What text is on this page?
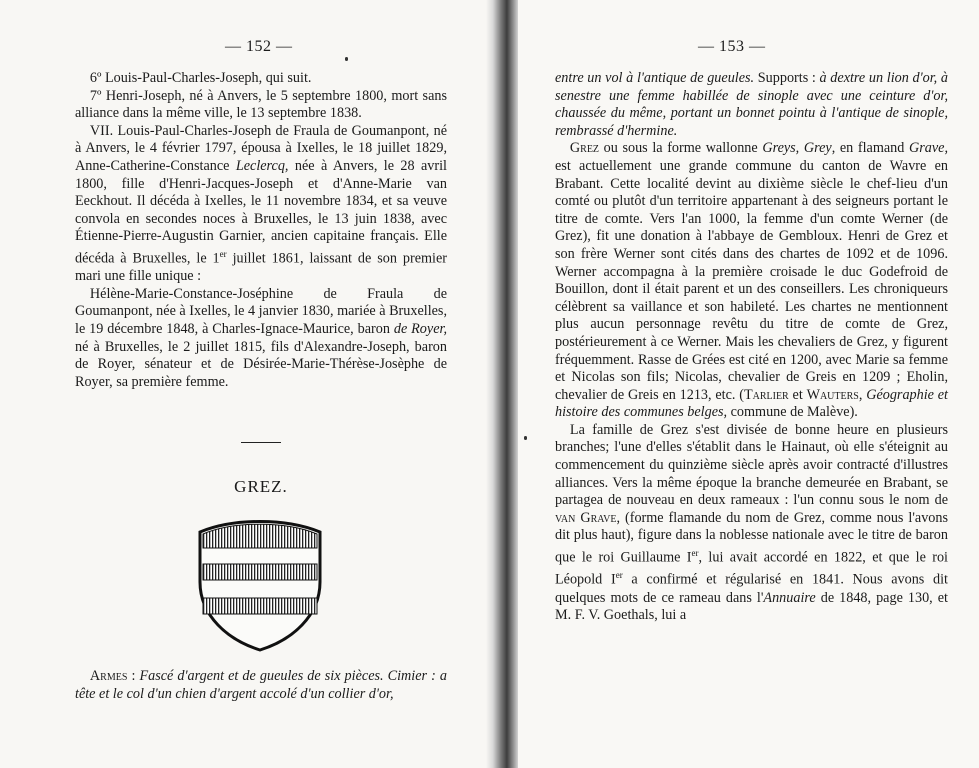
— 152 —

6º Louis-Paul-Charles-Joseph, qui suit.

7º Henri-Joseph, né à Anvers, le 5 septembre 1800, mort sans alliance dans la même ville, le 13 septembre 1838.

VII. Louis-Paul-Charles-Joseph de Fraula de Goumanpont, né à Anvers, le 4 février 1797, épousa à Ixelles, le 18 juillet 1829, Anne-Catherine-Constance Leclercq, née à Anvers, le 28 avril 1800, fille d'Henri-Jacques-Joseph et d'Anne-Marie van Eeckhout. Il décéda à Ixelles, le 11 novembre 1834, et sa veuve convola en secondes noces à Bruxelles, le 13 juin 1838, avec Étienne-Pierre-Augustin Garnier, ancien capitaine français. Elle décéda à Bruxelles, le 1er juillet 1861, laissant de son premier mari une fille unique :

Hélène-Marie-Constance-Joséphine de Fraula de Goumanpont, née à Ixelles, le 4 janvier 1830, mariée à Bruxelles, le 19 décembre 1848, à Charles-Ignace-Maurice, baron de Royer, né à Bruxelles, le 2 juillet 1815, fils d'Alexandre-Joseph, baron de Royer, sénateur et de Désirée-Marie-Thérèse-Josèphe de Royer, sa première femme.

GREZ.

Armes : Fascé d'argent et de gueules de six pièces. Cimier : a tête et le col d'un chien d'argent accolé d'un collier d'or,

— 153 —

entre un vol à l'antique de gueules. Supports : à dextre un lion d'or, à senestre une femme habillée de sinople avec une ceinture d'or, chaussée du même, portant un bonnet pointu à l'antique de sinople, rembrassé d'hermine.

Grez ou sous la forme wallonne Greys, Grey, en flamand Grave, est actuellement une grande commune du canton de Wavre en Brabant. Cette localité devint au dixième siècle le chef-lieu d'un comté ou plutôt d'un territoire appartenant à des seigneurs portant le titre de comte. Vers l'an 1000, la femme d'un comte Werner (de Grez), fit une donation à l'abbaye de Gembloux. Henri de Grez et son frère Werner sont cités dans des chartes de 1092 et de 1096. Werner accompagna à la première croisade le duc Godefroid de Bouillon, dont il était parent et un des conseillers. Les chroniqueurs célèbrent sa vaillance et son habileté. Les chartes ne mentionnent plus aucun personnage revêtu du titre de comte de Grez, postérieurement à ce Werner. Mais les chevaliers de Grez, y figurent fréquemment. Rasse de Grées est cité en 1200, avec Marie sa femme et Nicolas son fils; Nicolas, chevalier de Greis en 1209 ; Eholin, chevalier de Greis en 1213, etc. (Tarlier et Wauters, Géographie et histoire des communes belges, commune de Malève).

La famille de Grez s'est divisée de bonne heure en plusieurs branches; l'une d'elles s'établit dans le Hainaut, où elle s'éteignit au commencement du quinzième siècle après avoir contracté d'illustres alliances. Vers la même époque la branche demeurée en Brabant, se partagea de nouveau en deux rameaux : l'un connu sous le nom de van Grave, (forme flamande du nom de Grez, comme nous l'avons dit plus haut), figure dans la noblesse nationale avec le titre de baron que le roi Guillaume Ier, lui avait accordé en 1822, et que le roi Léopold Ier a confirmé et régularisé en 1841. Nous avons dit quelques mots de ce rameau dans l'Annuaire de 1848, page 130, et M. F. V. Goethals, lui a
